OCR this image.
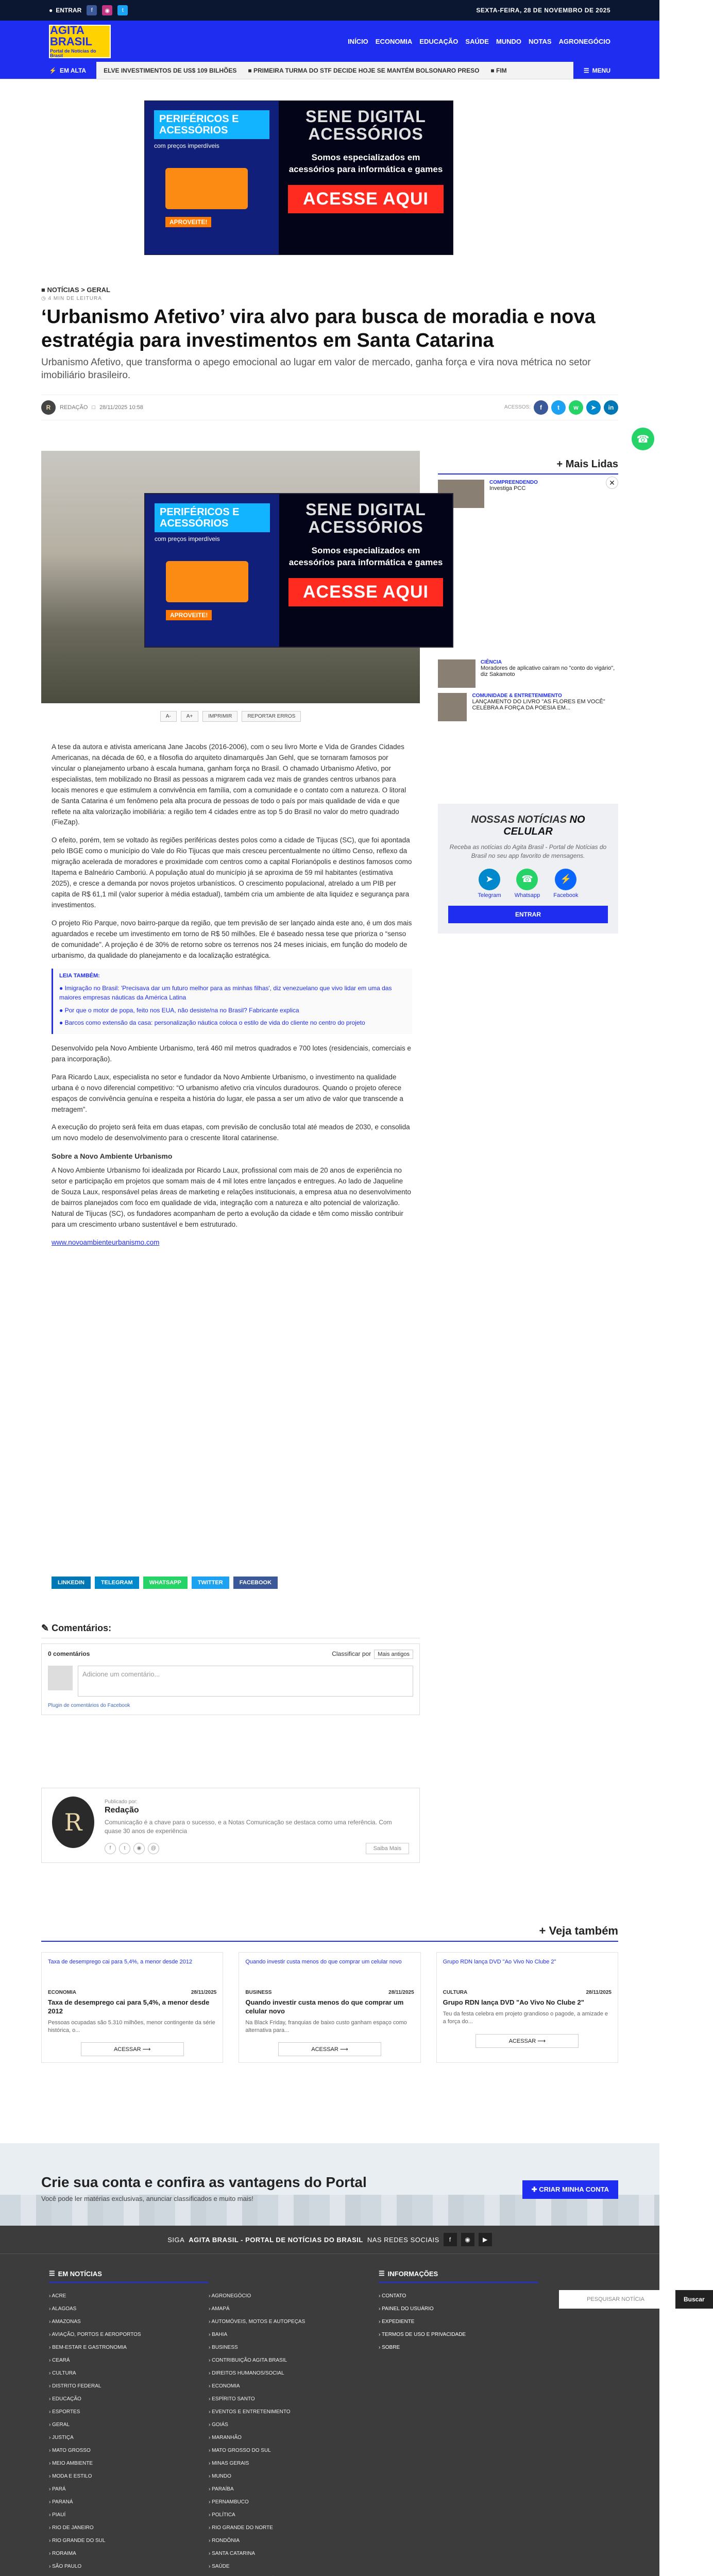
● ENTRAR	f	◉	t	SEXTA-FEIRA, 28 DE NOVEMBRO DE 2025
AGITA BRASIL
Portal de Notícias do Brasil
INÍCIO ECONOMIA EDUCAÇÃO SAÚDE MUNDO NOTAS AGRONEGÓCIO
⚡ EM ALTA	ELVE INVESTIMENTOS DE US$ 109 BILHÕES ■ PRIMEIRA TURMA DO STF DECIDE HOJE SE MANTÉM BOLSONARO PRESO ■ FIM	☰ MENU
PERIFÉRICOS E ACESSÓRIOS
com preços imperdíveis
APROVEITE!
SENE DIGITAL ACESSÓRIOS
Somos especializados em acessórios para informática e games
ACESSE AQUI
■ NOTÍCIAS > GERAL
◷ 4 MIN DE LEITURA
‘Urbanismo Afetivo’ vira alvo para busca de moradia e nova estratégia para investimentos em Santa Catarina

Urbanismo Afetivo, que transforma o apego emocional ao lugar em valor de mercado, ganha força e vira nova métrica no setor imobiliário brasileiro.

R	REDAÇÃO □ 28/11/2025 10:58	ACESSOS:	f	t	w	➤	in
☎
+ Mais Lidas
COMPREENDENDO
Investiga PCC
✕
PERIFÉRICOS E ACESSÓRIOS
com preços imperdíveis
APROVEITE!
SENE DIGITAL ACESSÓRIOS
Somos especializados em acessórios para informática e games
ACESSE AQUI
CIÊNCIA
Moradores de aplicativo caíram no "conto do vigário", diz Sakamoto
COMUNIDADE & ENTRETENIMENTO
LANÇAMENTO DO LIVRO "AS FLORES EM VOCÊ" CELEBRA A FORÇA DA POESIA EM...
A-	A+	IMPRIMIR	REPORTAR ERROS

A tese da autora e ativista americana Jane Jacobs (2016-2006), com o seu livro Morte e Vida de Grandes Cidades Americanas, na década de 60, e a filosofia do arquiteto dinamarquês Jan Gehl, que se tornaram famosos por vincular o planejamento urbano à escala humana, ganham força no Brasil. O chamado Urbanismo Afetivo, por especialistas, tem mobilizado no Brasil as pessoas a migrarem cada vez mais de grandes centros urbanos para locais menores e que estimulem a convivência em família, com a comunidade e o contato com a natureza. O litoral de Santa Catarina é um fenômeno pela alta procura de pessoas de todo o país por mais qualidade de vida e que reflete na alta valorização imobiliária: a região tem 4 cidades entre as top 5 do Brasil no valor do metro quadrado (FieZap).

O efeito, porém, tem se voltado às regiões periféricas destes polos como a cidade de Tijucas (SC), que foi apontada pelo IBGE como o município do Vale do Rio Tijucas que mais cresceu percentualmente no último Censo, reflexo da migração acelerada de moradores e proximidade com centros como a capital Florianópolis e destinos famosos como Itapema e Balneário Camboriú. A população atual do município já se aproxima de 59 mil habitantes (estimativa 2025), e cresce a demanda por novos projetos urbanísticos. O crescimento populacional, atrelado a um PIB per capita de R$ 61,1 mil (valor superior à média estadual), também cria um ambiente de alta liquidez e segurança para investimentos.

O projeto Rio Parque, novo bairro-parque da região, que tem previsão de ser lançado ainda este ano, é um dos mais aguardados e recebe um investimento em torno de R$ 50 milhões. Ele é baseado nessa tese que prioriza o “senso de comunidade”. A projeção é de 30% de retorno sobre os terrenos nos 24 meses iniciais, em função do modelo de urbanismo, da qualidade do planejamento e da localização estratégica.

LEIA TAMBÉM:
● Imigração no Brasil: 'Precisava dar um futuro melhor para as minhas filhas', diz venezuelano que vivo lidar em uma das maiores empresas náuticas da América Latina
● Por que o motor de popa, feito nos EUA, não desiste/na no Brasil? Fabricante explica
● Barcos como extensão da casa: personalização náutica coloca o estilo de vida do cliente no centro do projeto

Desenvolvido pela Novo Ambiente Urbanismo, terá 460 mil metros quadrados e 700 lotes (residenciais, comerciais e para incorporação).

Para Ricardo Laux, especialista no setor e fundador da Novo Ambiente Urbanismo, o investimento na qualidade urbana é o novo diferencial competitivo: “O urbanismo afetivo cria vínculos duradouros. Quando o projeto oferece espaços de convivência genuína e respeita a história do lugar, ele passa a ser um ativo de valor que transcende a metragem”.

A execução do projeto será feita em duas etapas, com previsão de conclusão total até meados de 2030, e consolida um novo modelo de desenvolvimento para o crescente litoral catarinense.

Sobre a Novo Ambiente Urbanismo

A Novo Ambiente Urbanismo foi idealizada por Ricardo Laux, profissional com mais de 20 anos de experiência no setor e participação em projetos que somam mais de 4 mil lotes entre lançados e entregues. Ao lado de Jaqueline de Souza Laux, responsável pelas áreas de marketing e relações institucionais, a empresa atua no desenvolvimento de bairros planejados com foco em qualidade de vida, integração com a natureza e alto potencial de valorização. Natural de Tijucas (SC), os fundadores acompanham de perto a evolução da cidade e têm como missão contribuir para um crescimento urbano sustentável e bem estruturado.

www.novoambienteurbanismo.com

NOSSAS NOTÍCIAS NO CELULAR

Receba as notícias do Agita Brasil - Portal de Notícias do Brasil no seu app favorito de mensagens.

➤
Telegram
☎
Whatsapp
⚡
Facebook
ENTRAR
LINKEDIN	TELEGRAM	WHATSAPP	TWITTER	FACEBOOK
✎ Comentários:
0 comentários	Classificar por Mais antigos
Adicione um comentário...
Plugin de comentários do Facebook
R
Publicado por:
Redação

Comunicação é a chave para o sucesso, e a Notas Comunicação se destaca como uma referência. Com quase 30 anos de experiência

f	t	◉	@	Saiba Mais
+ Veja também
Taxa de desemprego cai para 5,4%, a menor desde 2012
ECONOMIA	28/11/2025
Taxa de desemprego cai para 5,4%, a menor desde 2012

Pessoas ocupadas são 5.310 milhões, menor contingente da série histórica, o...

ACESSAR ⟶
Quando investir custa menos do que comprar um celular novo
BUSINESS	28/11/2025
Quando investir custa menos do que comprar um celular novo

Na Black Friday, franquias de baixo custo ganham espaço como alternativa para...

ACESSAR ⟶
Grupo RDN lança DVD "Ao Vivo No Clube 2"
CULTURA	28/11/2025
Grupo RDN lança DVD "Ao Vivo No Clube 2"

Teu da festa celebra em projeto grandioso o pagode, a amizade e a força do...

ACESSAR ⟶
Crie sua conta e confira as vantagens do Portal

Você pode ler matérias exclusivas, anunciar classificados e muito mais!

✚ CRIAR MINHA CONTA
SIGA AGITA BRASIL - PORTAL DE NOTÍCIAS DO BRASIL NAS REDES SOCIAIS	f	◉	▶
☰ EM NOTÍCIAS
› ACRE	› AGRONEGÓCIO
› ALAGOAS	› AMAPÁ
› AMAZONAS	› AUTOMÓVEIS, MOTOS E AUTOPEÇAS
› AVIAÇÃO, PORTOS E AEROPORTOS	› BAHIA
› BEM-ESTAR E GASTRONOMIA	› BUSINESS
› CEARÁ	› CONTRIBUIÇÃO AGITA BRASIL
› CULTURA	› DIREITOS HUMANOS/SOCIAL
› DISTRITO FEDERAL	› ECONOMIA
› EDUCAÇÃO	› ESPÍRITO SANTO
› ESPORTES	› EVENTOS E ENTRETENIMENTO
› GERAL	› GOIÁS
› JUSTIÇA	› MARANHÃO
› MATO GROSSO	› MATO GROSSO DO SUL
› MEIO AMBIENTE	› MINAS GERAIS
› MODA E ESTILO	› MUNDO
› PARÁ	› PARAÍBA
› PARANÁ	› PERNAMBUCO
› PIAUÍ	› POLÍTICA
› RIO DE JANEIRO	› RIO GRANDE DO NORTE
› RIO GRANDE DO SUL	› RONDÔNIA
› RORAIMA	› SANTA CATARINA
› SÃO PAULO	› SAÚDE
☰ INFORMAÇÕES
› CONTATO
› PAINEL DO USUÁRIO
› EXPEDIENTE
› TERMOS DE USO E PRIVACIDADE
› SOBRE
PESQUISAR NOTÍCIA	Buscar
